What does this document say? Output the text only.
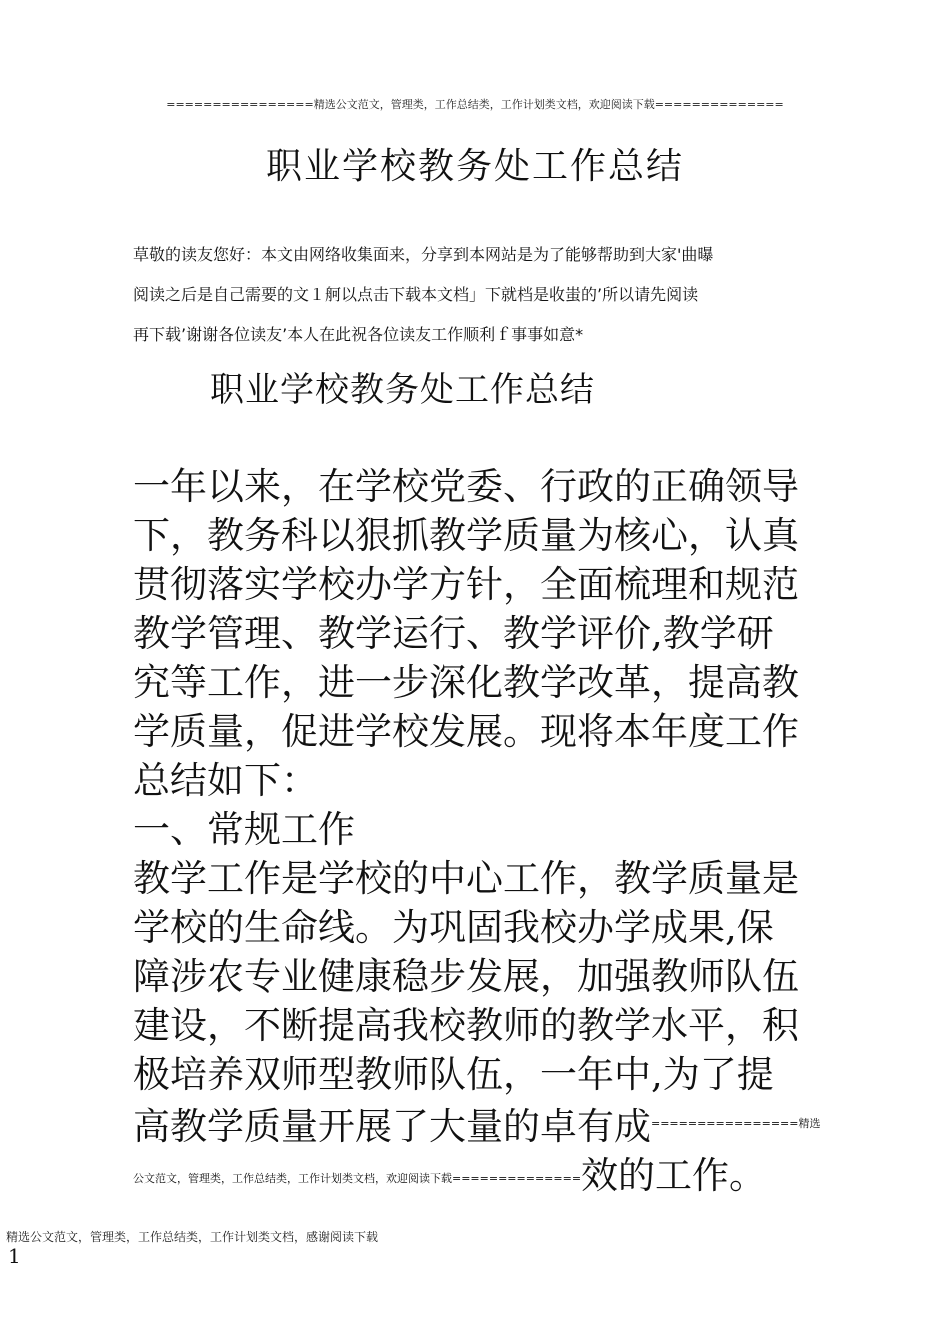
================精选公文范文，管理类，工作总结类，工作计划类文档，欢迎阅读下载==============
职业学校教务处工作总结
草敬的读友您好：本文由网络收集面来，分享到本网站是为了能够帮助到大家'曲曝
阅读之后是自己需要的文１舸以点击下载本文档」下就档是收蚩的’所以请先阅读
再下载’谢谢各位读友’本人在此祝各位读友工作顺利ｆ事事如意*
职业学校教务处工作总结
一年以来，在学校党委、行政的正确领导
下，教务科以狠抓教学质量为核心，认真
贯彻落实学校办学方针，全面梳理和规范
教学管理、教学运行、教学评价,教学研
究等工作，进一步深化教学改革，提高教
学质量，促进学校发展。现将本年度工作
总结如下：
一、常规工作
教学工作是学校的中心工作，教学质量是
学校的生命线。为巩固我校办学成果,保
障涉农专业健康稳步发展，加强教师队伍
建设，不断提高我校教师的教学水平，积
极培养双师型教师队伍，一年中,为了提
高教学质量开展了大量的卓有成$^{================精选}$
公文范文，管理类，工作总结类，工作计划类文档，欢迎阅读下载==============效的工作。
精选公文范文，管理类，工作总结类，工作计划类文档，感谢阅读下载
1
